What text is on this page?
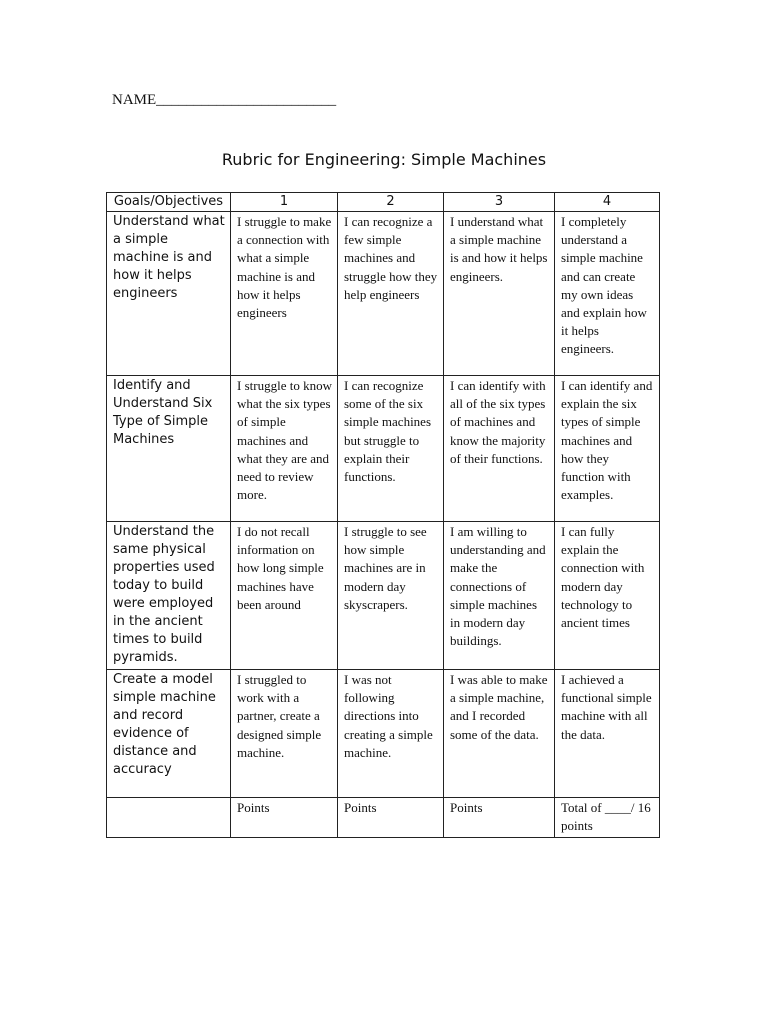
NAME________________________
Rubric for Engineering: Simple Machines
Goals/Objectives	1	2	3	4
Understand what a simple machine is and how it helps engineers	I struggle to make a connection with what a simple machine is and how it helps engineers	I can recognize a few simple machines and struggle how they help engineers	I understand what a simple machine is and how it helps engineers.	I completely understand a simple machine and can create my own ideas and explain how it helps engineers.
Identify and Understand Six Type of Simple Machines	I struggle to know what the six types of simple machines and what they are and need to review more.	I can recognize some of the six simple machines but struggle to explain their functions.	I can identify with all of the six types of machines and know the majority of their functions.	I can identify and explain the six types of simple machines and how they function with examples.
Understand the same physical properties used today to build were employed in the ancient times to build pyramids.	I do not recall information on how long simple machines have been around	I struggle to see how simple machines are in modern day skyscrapers.	I am willing to understanding and make the connections of simple machines in modern day buildings.	I can fully explain the connection with modern day technology to ancient times
Create a model simple machine and record evidence of distance and accuracy	I struggled to work with a partner, create a designed simple machine.	I was not following directions into creating a simple machine.	I was able to make a simple machine, and I recorded some of the data.	I achieved a functional simple machine with all the data.
	Points	Points	Points	Total of ____/ 16 points
